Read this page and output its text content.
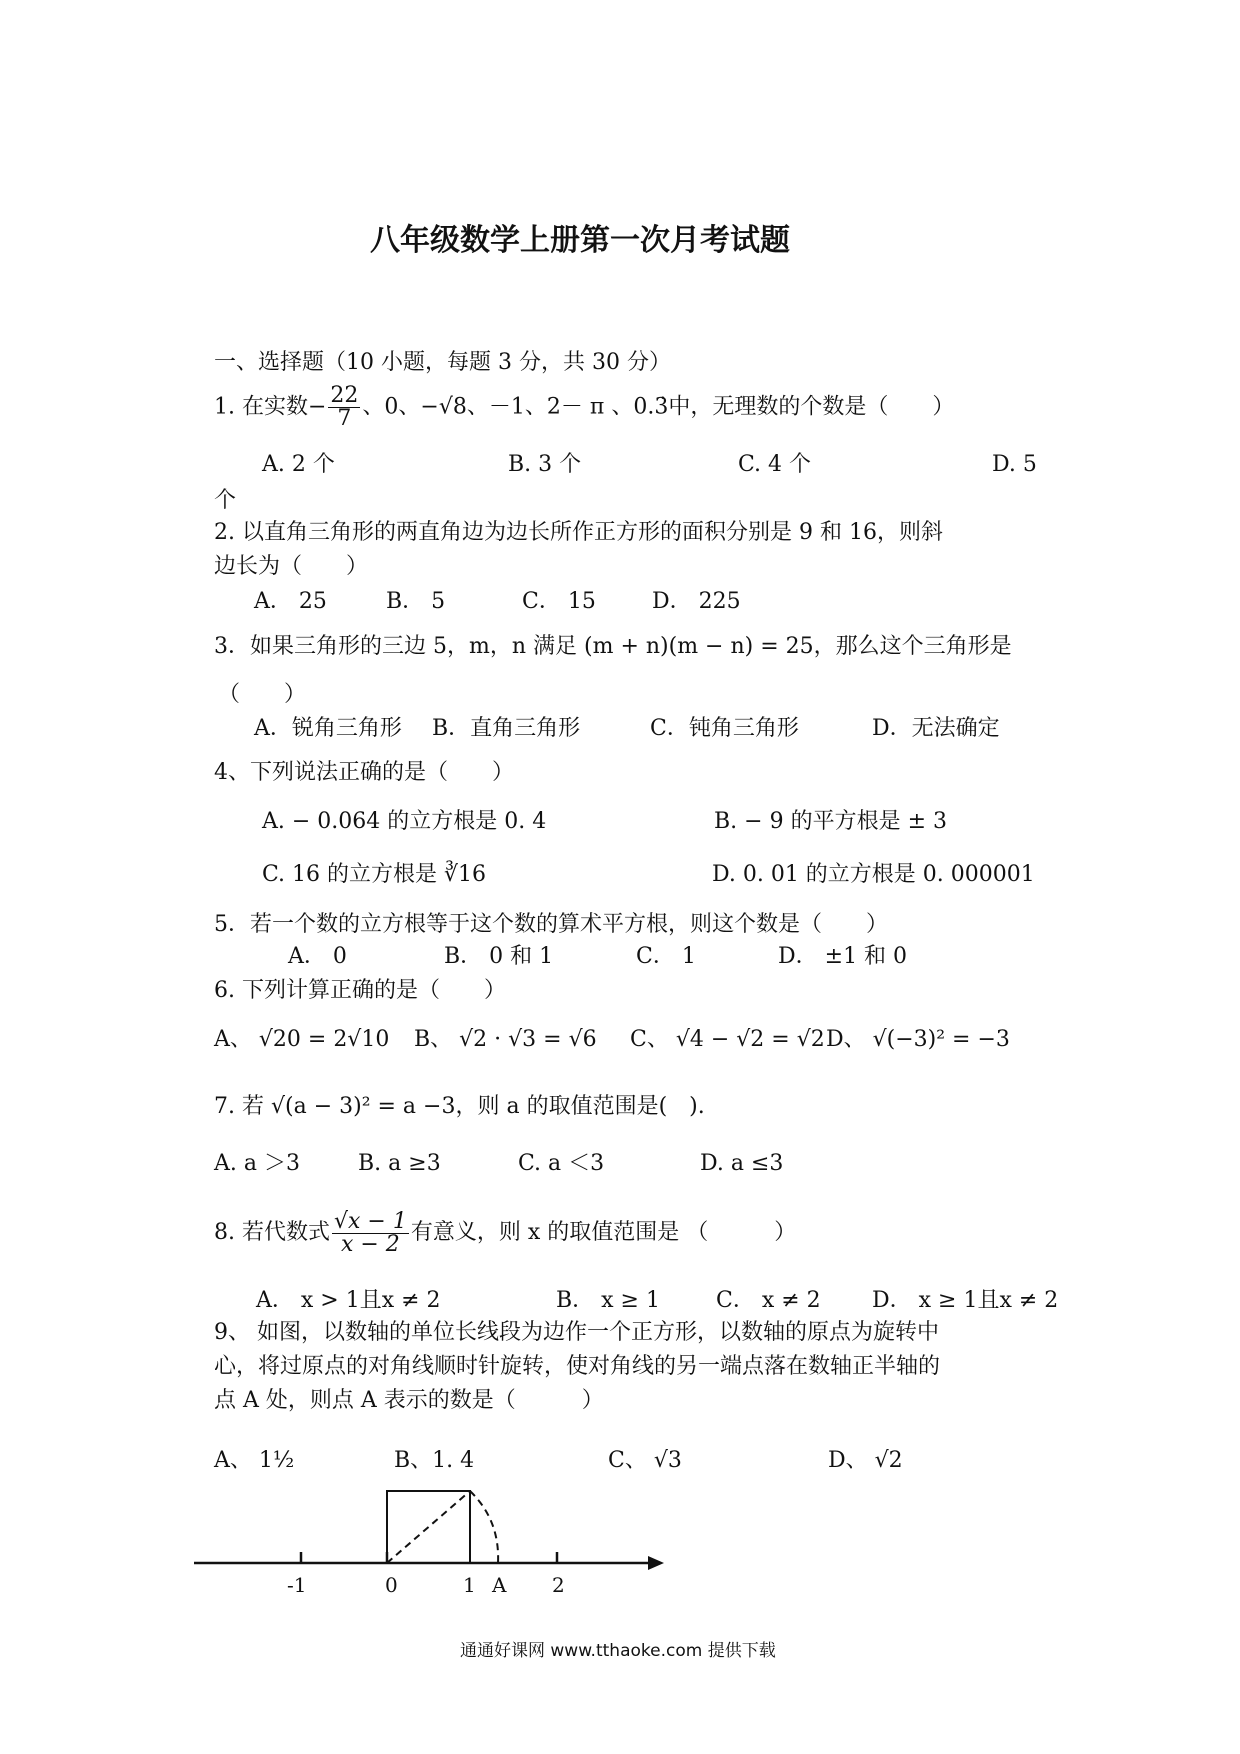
八年级数学上册第一次月考试题
一、选择题（10 小题，每题 3 分，共 30 分）
1. 在实数− $\frac{22}{7}$ 、0、−√8、－1、2－ π 、0.3̇中，无理数的个数是（　　）
A. 2 个	B. 3 个	C. 4 个	D. 5
个
2. 以直角三角形的两直角边为边长所作正方形的面积分别是 9 和 16，则斜
边长为（　　）
A． 25	B． 5	C． 15	D． 225
3．如果三角形的三边 5，m，n 满足 (m + n)(m − n) = 25，那么这个三角形是
（　　）
A．锐角三角形 B．直角三角形	C．钝角三角形	D．无法确定
4、下列说法正确的是（　　）
A. − 0.064 的立方根是 0. 4	B. − 9 的平方根是 ± 3
C. 16 的立方根是 ∛16	D. 0. 01 的立方根是 0. 000001
5．若一个数的立方根等于这个数的算术平方根，则这个数是（　　）
A． 0	B． 0 和 1	C． 1	D． ±1 和 0
6. 下列计算正确的是（　　）
A、 √20 = 2√10 B、 √2 · √3 = √6 C、 √4 − √2 = √2 D、 √(−3)² = −3
7. 若 √(a − 3)² = a −3，则 a 的取值范围是(　).
A. a ＞3	B. a ≥3	C. a ＜3	D. a ≤3
8. 若代数式 $\frac{√x - 1}{x - 2}$ 有意义，则 x 的取值范围是 （　　　）
A． x > 1且x ≠ 2	B． x ≥ 1	C． x ≠ 2 D． x ≥ 1且x ≠ 2
9、 如图，以数轴的单位长线段为边作一个正方形，以数轴的原点为旋转中
心，将过原点的对角线顺时针旋转，使对角线的另一端点落在数轴正半轴的
点 A 处，则点 A 表示的数是（　　　）
A、 1½	B、1. 4	C、 √3	D、 √2
-1	0	1 A 2
通通好课网 www.tthaoke.com 提供下载
